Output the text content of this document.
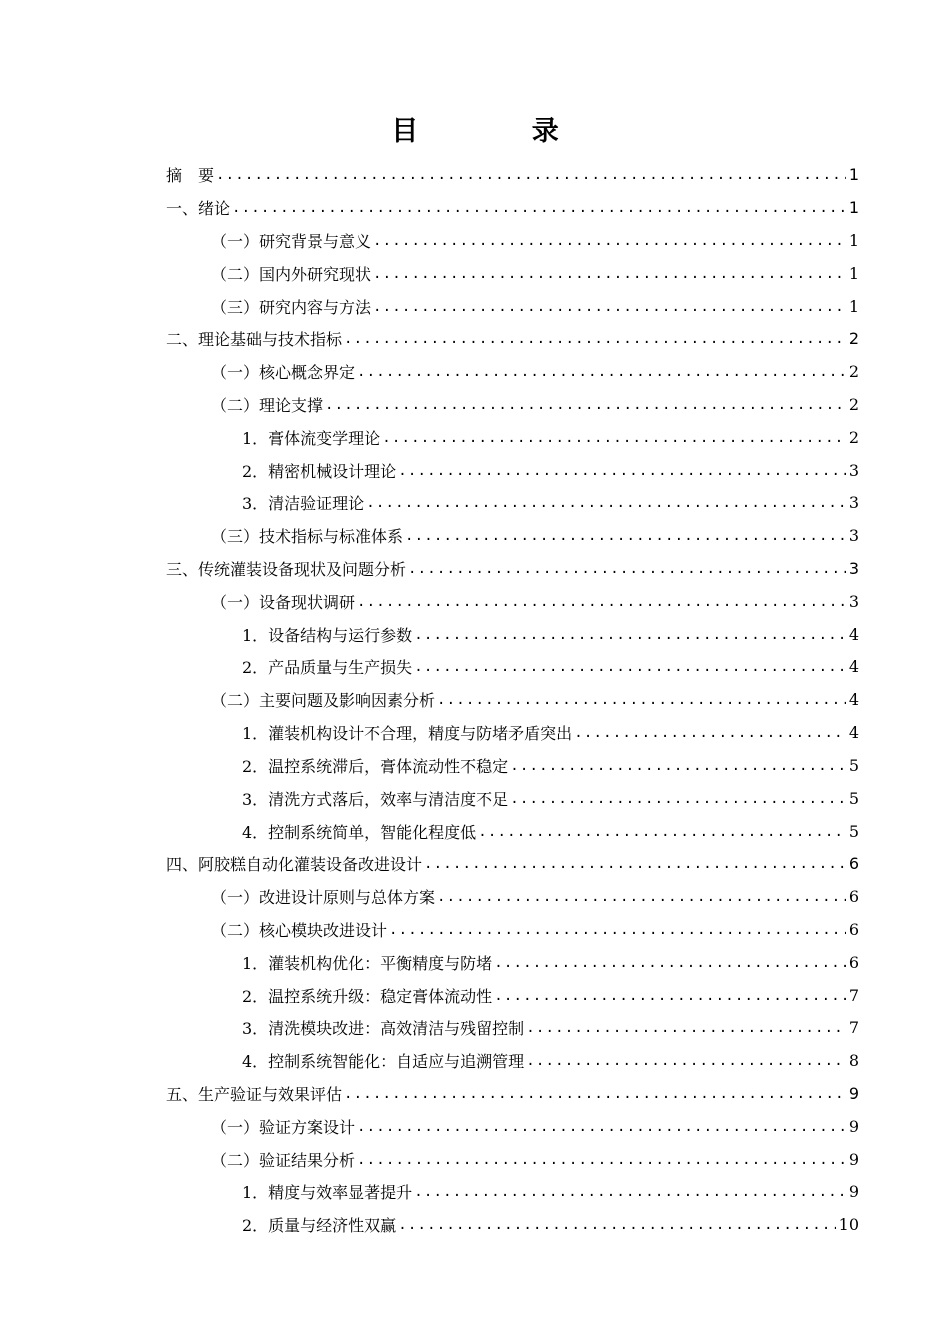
目 录
摘　要 .....	1
一、绪论 .....	1
（一）研究背景与意义 .....	1
（二）国内外研究现状 .....	1
（三）研究内容与方法 .....	1
二、理论基础与技术指标 .....	2
（一）核心概念界定 .....	2
（二）理论支撑 .....	2
1．膏体流变学理论 .....	2
2．精密机械设计理论 .....	3
3．清洁验证理论 .....	3
（三）技术指标与标准体系 .....	3
三、传统灌装设备现状及问题分析 .....	3
（一）设备现状调研 .....	3
1．设备结构与运行参数 .....	4
2．产品质量与生产损失 .....	4
（二）主要问题及影响因素分析 .....	4
1．灌装机构设计不合理，精度与防堵矛盾突出 .....	4
2．温控系统滞后，膏体流动性不稳定 .....	5
3．清洗方式落后，效率与清洁度不足 .....	5
4．控制系统简单，智能化程度低 .....	5
四、阿胶糕自动化灌装设备改进设计 .....	6
（一）改进设计原则与总体方案 .....	6
（二）核心模块改进设计 .....	6
1．灌装机构优化：平衡精度与防堵 .....	6
2．温控系统升级：稳定膏体流动性 .....	7
3．清洗模块改进：高效清洁与残留控制 .....	7
4．控制系统智能化：自适应与追溯管理 .....	8
五、生产验证与效果评估 .....	9
（一）验证方案设计 .....	9
（二）验证结果分析 .....	9
1．精度与效率显著提升 .....	9
2．质量与经济性双赢 .....	10
